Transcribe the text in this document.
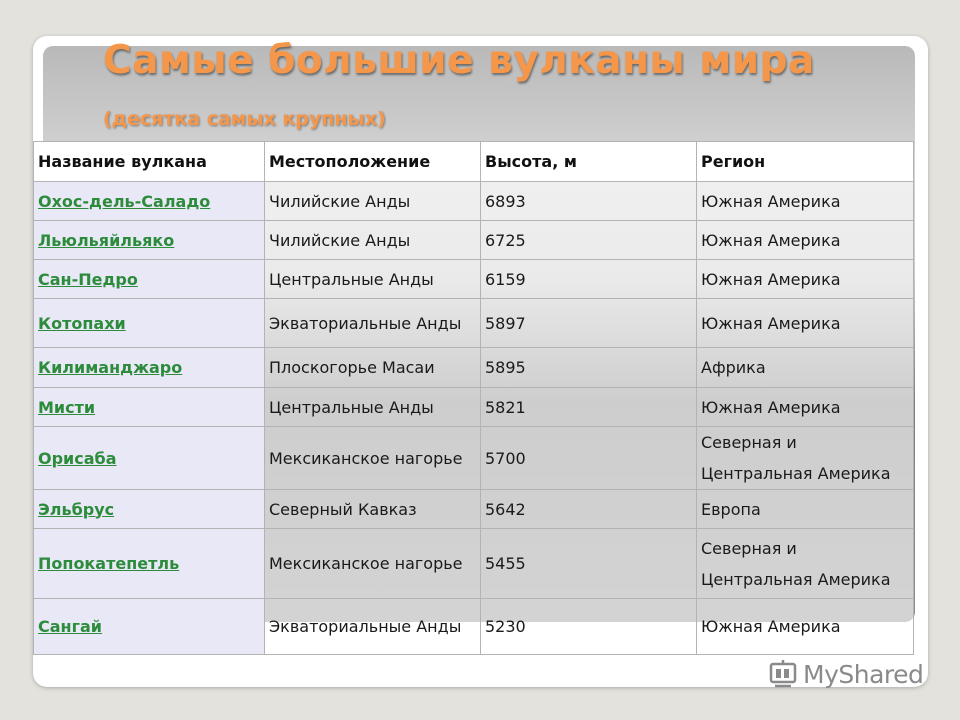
Самые большие вулканы мира
(десятка самых крупных)
Название вулкана	Местоположение	Высота, м	Регион
Охос-дель-Саладо	Чилийские Анды	6893	Южная Америка
Льюльяйльяко	Чилийские Анды	6725	Южная Америка
Сан-Педро	Центральные Анды	6159	Южная Америка
Котопахи	Экваториальные Анды	5897	Южная Америка
Килиманджаро	Плоскогорье Масаи	5895	Африка
Мисти	Центральные Анды	5821	Южная Америка
Орисаба	Мексиканское нагорье	5700	Северная и Центральная Америка
Эльбрус	Северный Кавказ	5642	Европа
Попокатепетль	Мексиканское нагорье	5455	Северная и Центральная Америка
Сангай	Экваториальные Анды	5230	Южная Америка
MyShared
